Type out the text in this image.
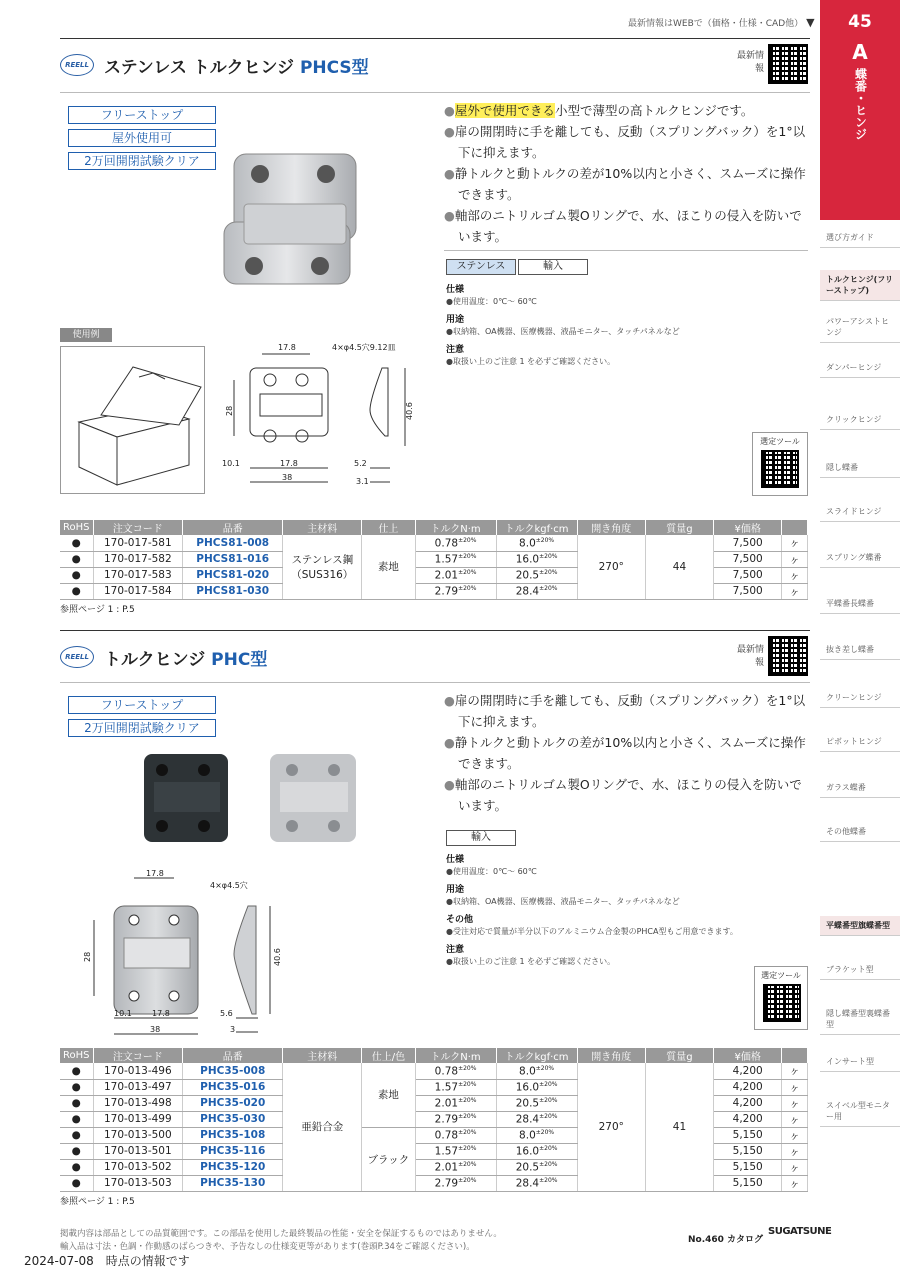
最新情報はWEBで（価格・仕様・CAD他） ▼	45
A
蝶番・ヒンジ
選び方ガイド
トルクヒンジ(フリーストップ)
パワーアシストヒンジ
ダンパーヒンジ
クリックヒンジ
隠し蝶番
スライドヒンジ
スプリング蝶番
平蝶番長蝶番
抜き差し蝶番
クリーンヒンジ
ピボットヒンジ
ガラス蝶番
その他蝶番
平蝶番型旗蝶番型
ブラケット型
隠し蝶番型裏蝶番型
インサート型
スイベル型モニター用
REELL ステンレス トルクヒンジ PHCS型
最新情報
フリーストップ
屋外使用可
2万回開閉試験クリア
●屋外で使用できる小型で薄型の高トルクヒンジです。
●扉の開閉時に手を離しても、反動（スプリングバック）を1°以下に抑えます。
●静トルクと動トルクの差が10%以内と小さく、スムーズに操作できます。
●軸部のニトリルゴム製Oリングで、水、ほこりの侵入を防いでいます。
ステンレス	輸入
仕様
●使用温度：0℃～ 60℃
用途
●収納箱、OA機器、医療機器、液晶モニター、タッチパネルなど
注意
●取扱い上のご注意 1 を必ずご確認ください。
選定ツール
使用例
17.8	4×φ4.5穴9.12皿
28	40.6
10.1	17.8
38
5.2
3.1
RoHS	注文コード	品番	主材料	仕上	トルクN·m	トルクkgf·cm	開き角度	質量g	¥価格	
●	170-017-581	PHCS81-008	ステンレス鋼（SUS316）	素地	$0.78^{\pm 20\%}$	$8.0^{\pm 20\%}$	270°	44	7,500	ヶ
●	170-017-582	PHCS81-016			$1.57^{\pm 20\%}$	$16.0^{\pm 20\%}$			7,500	ヶ
●	170-017-583	PHCS81-020			$2.01^{\pm 20\%}$	$20.5^{\pm 20\%}$			7,500	ヶ
●	170-017-584	PHCS81-030			$2.79^{\pm 20\%}$	$28.4^{\pm 20\%}$			7,500	ヶ
参照ページ 1 : P.5
REELL トルクヒンジ PHC型	最新情報
フリーストップ
2万回開閉試験クリア
●扉の開閉時に手を離しても、反動（スプリングバック）を1°以下に抑えます。
●静トルクと動トルクの差が10%以内と小さく、スムーズに操作できます。
●軸部のニトリルゴム製Oリングで、水、ほこりの侵入を防いでいます。
輸入
仕様
●使用温度：0℃～ 60℃
用途
●収納箱、OA機器、医療機器、液晶モニター、タッチパネルなど
その他
●受注対応で質量が半分以下のアルミニウム合金製のPHCA型もご用意できます。
注意
●取扱い上のご注意 1 を必ずご確認ください。
選定ツール
17.8
4×φ4.5穴
28	40.6
10.1	17.8
38
5.6
3
RoHS	注文コード	品番	主材料	仕上/色	トルクN·m	トルクkgf·cm	開き角度	質量g	¥価格	
●	170-013-496	PHC35-008	亜鉛合金	素地	$0.78^{\pm 20\%}$	$8.0^{\pm 20\%}$	270°	41	4,200	ヶ
●	170-013-497	PHC35-016			$1.57^{\pm 20\%}$	$16.0^{\pm 20\%}$			4,200	ヶ
●	170-013-498	PHC35-020			$2.01^{\pm 20\%}$	$20.5^{\pm 20\%}$			4,200	ヶ
●	170-013-499	PHC35-030			$2.79^{\pm 20\%}$	$28.4^{\pm 20\%}$			4,200	ヶ
●	170-013-500	PHC35-108		ブラック	$0.78^{\pm 20\%}$	$8.0^{\pm 20\%}$			5,150	ヶ
●	170-013-501	PHC35-116			$1.57^{\pm 20\%}$	$16.0^{\pm 20\%}$			5,150	ヶ
●	170-013-502	PHC35-120			$2.01^{\pm 20\%}$	$20.5^{\pm 20\%}$			5,150	ヶ
●	170-013-503	PHC35-130			$2.79^{\pm 20\%}$	$28.4^{\pm 20\%}$			5,150	ヶ
参照ページ 1 : P.5
掲載内容は部品としての品質範囲です。この部品を使用した最終製品の性能・安全を保証するものではありません。
輸入品は寸法・色調・作動感のばらつきや、予告なしの仕様変更等があります(巻頭P.34をご確認ください)。
No.460 カタログ
SUGATSUNE
2024-07-08　時点の情報です
